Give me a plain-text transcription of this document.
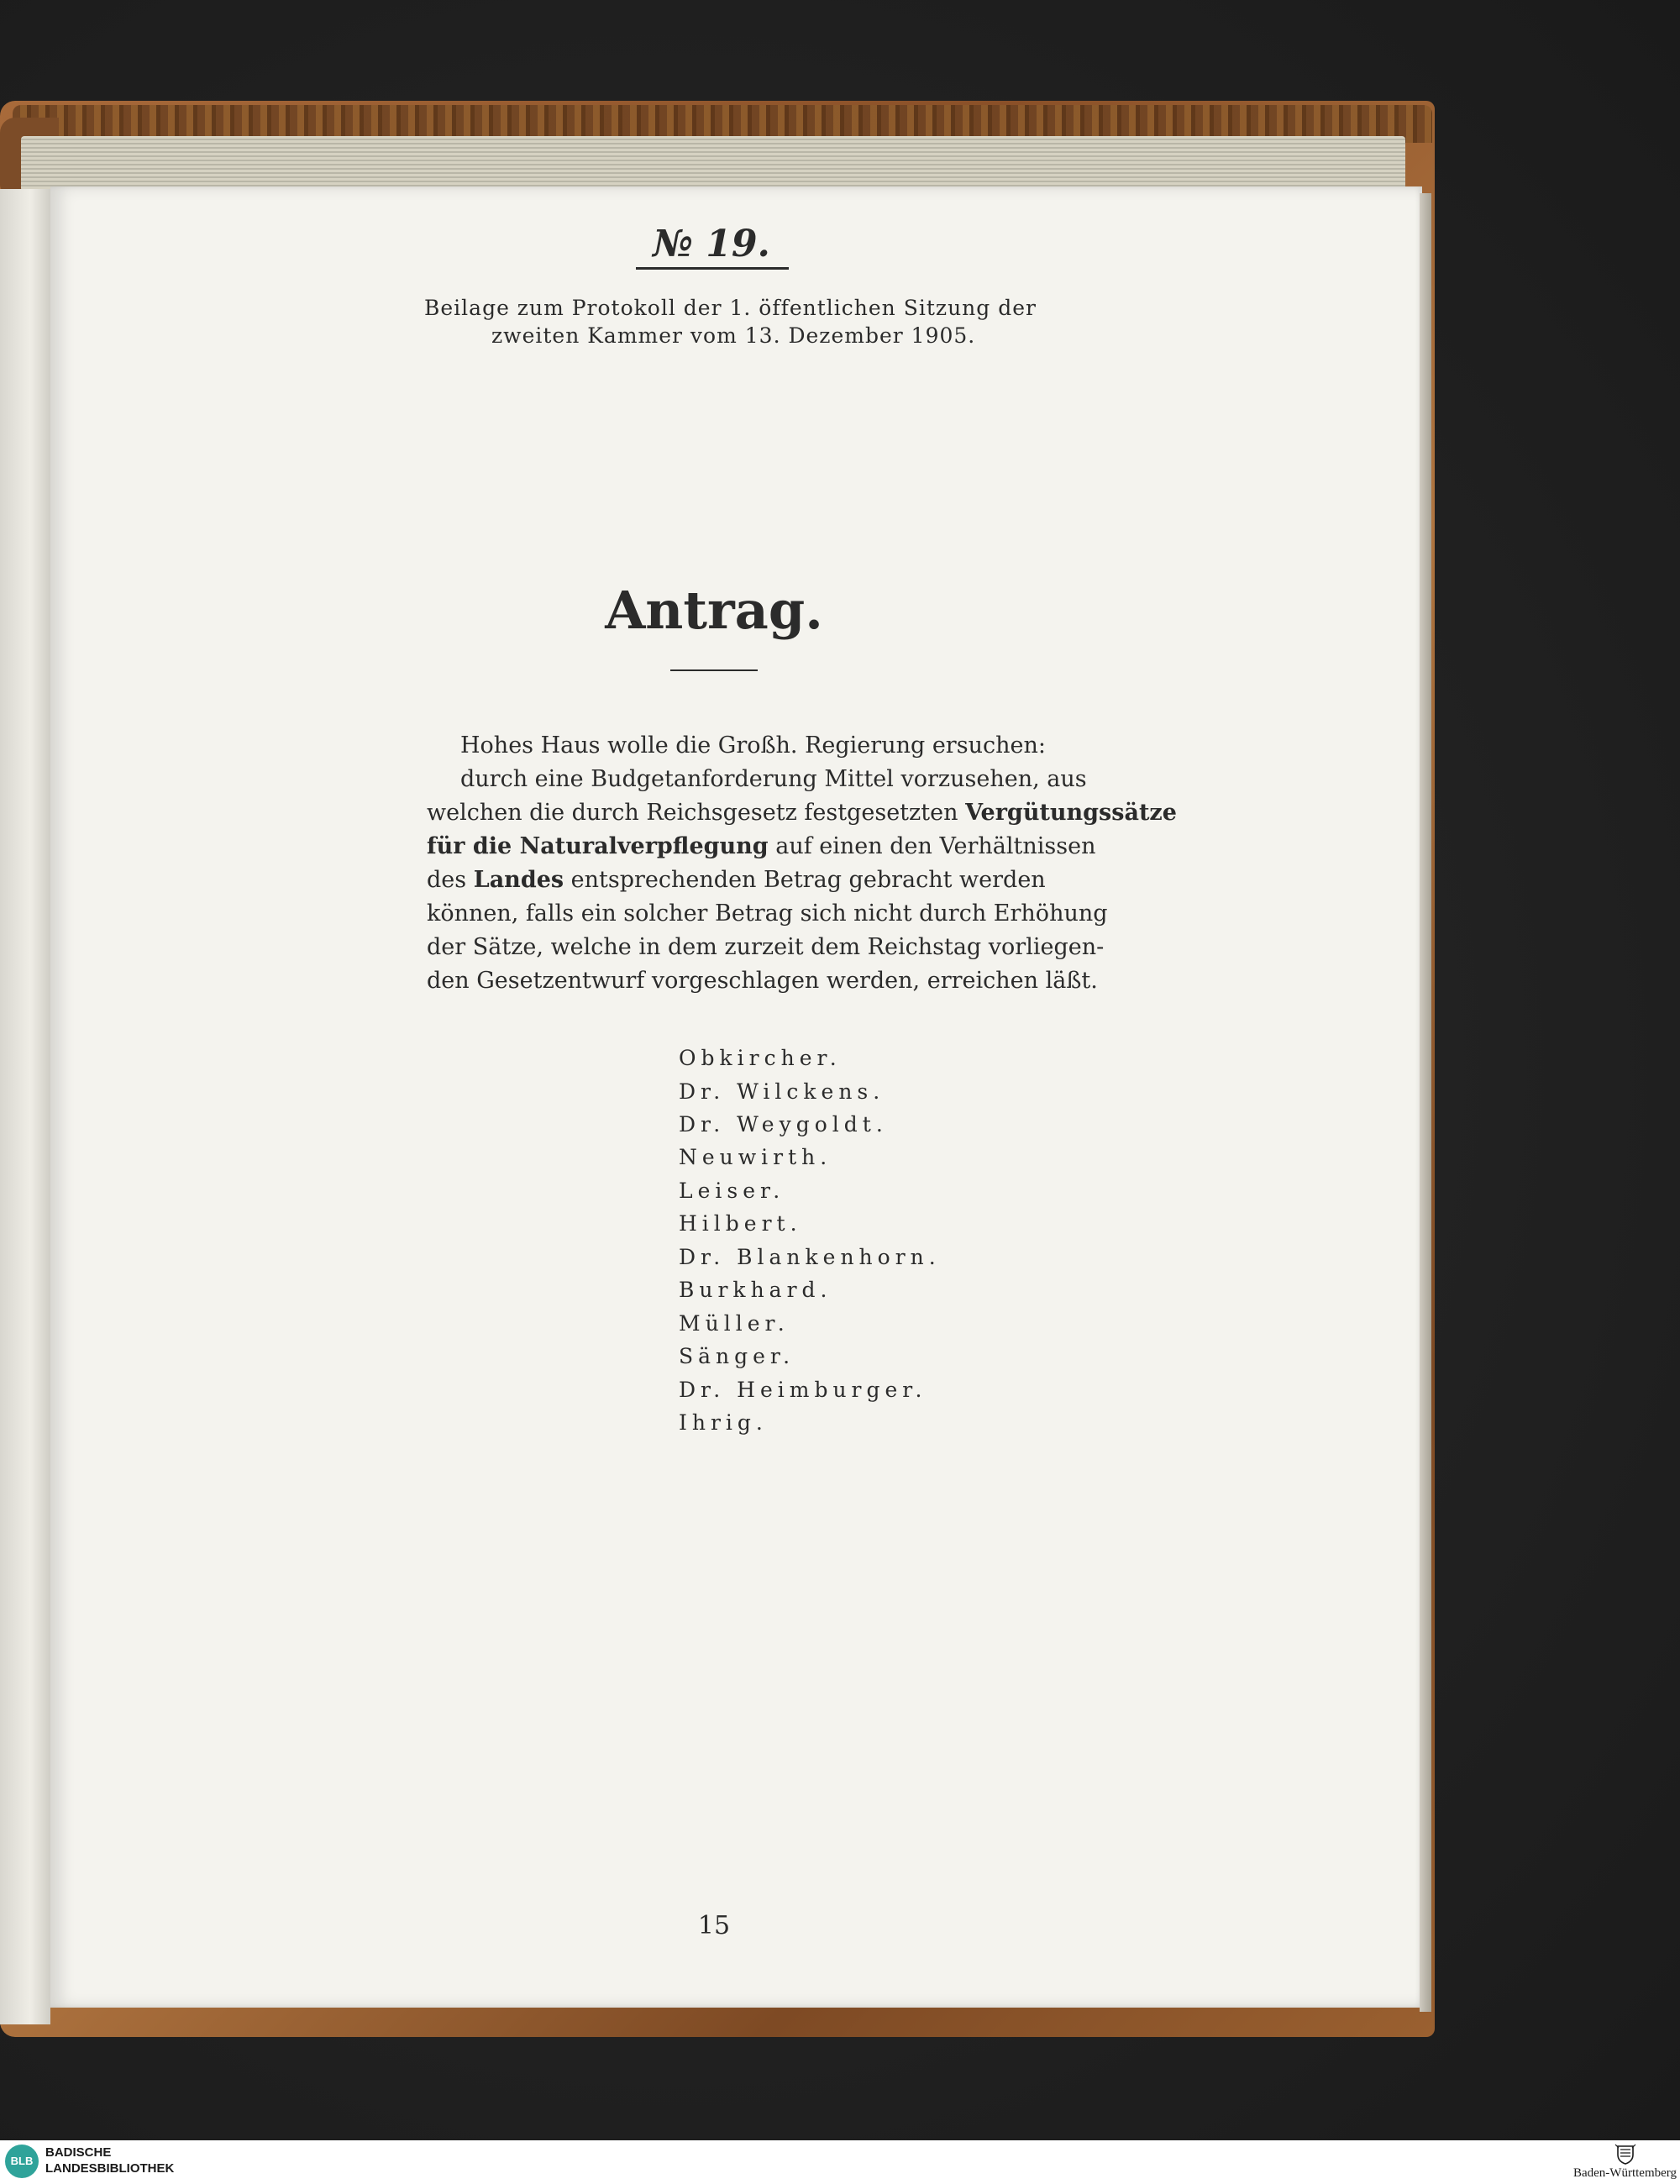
№ 19.
Beilage zum Protokoll der 1. öffentlichen Sitzung der
zweiten Kammer vom 13. Dezember 1905.
Antrag.
Hohes Haus wolle die Großh. Regierung ersuchen:
durch eine Budgetanforderung Mittel vorzusehen, aus
welchen die durch Reichsgesetz festgesetzten Vergütungssätze
für die Naturalverpflegung auf einen den Verhältnissen
des Landes entsprechenden Betrag gebracht werden
können, falls ein solcher Betrag sich nicht durch Erhöhung
der Sätze, welche in dem zurzeit dem Reichstag vorliegen-
den Gesetzentwurf vorgeschlagen werden, erreichen läßt.
Obkircher.
Dr. Wilckens.
Dr. Weygoldt.
Neuwirth.
Leiser.
Hilbert.
Dr. Blankenhorn.
Burkhard.
Müller.
Sänger.
Dr. Heimburger.
Ihrig.
15
BLB
BADISCHE
LANDESBIBLIOTHEK	Baden-Württemberg
